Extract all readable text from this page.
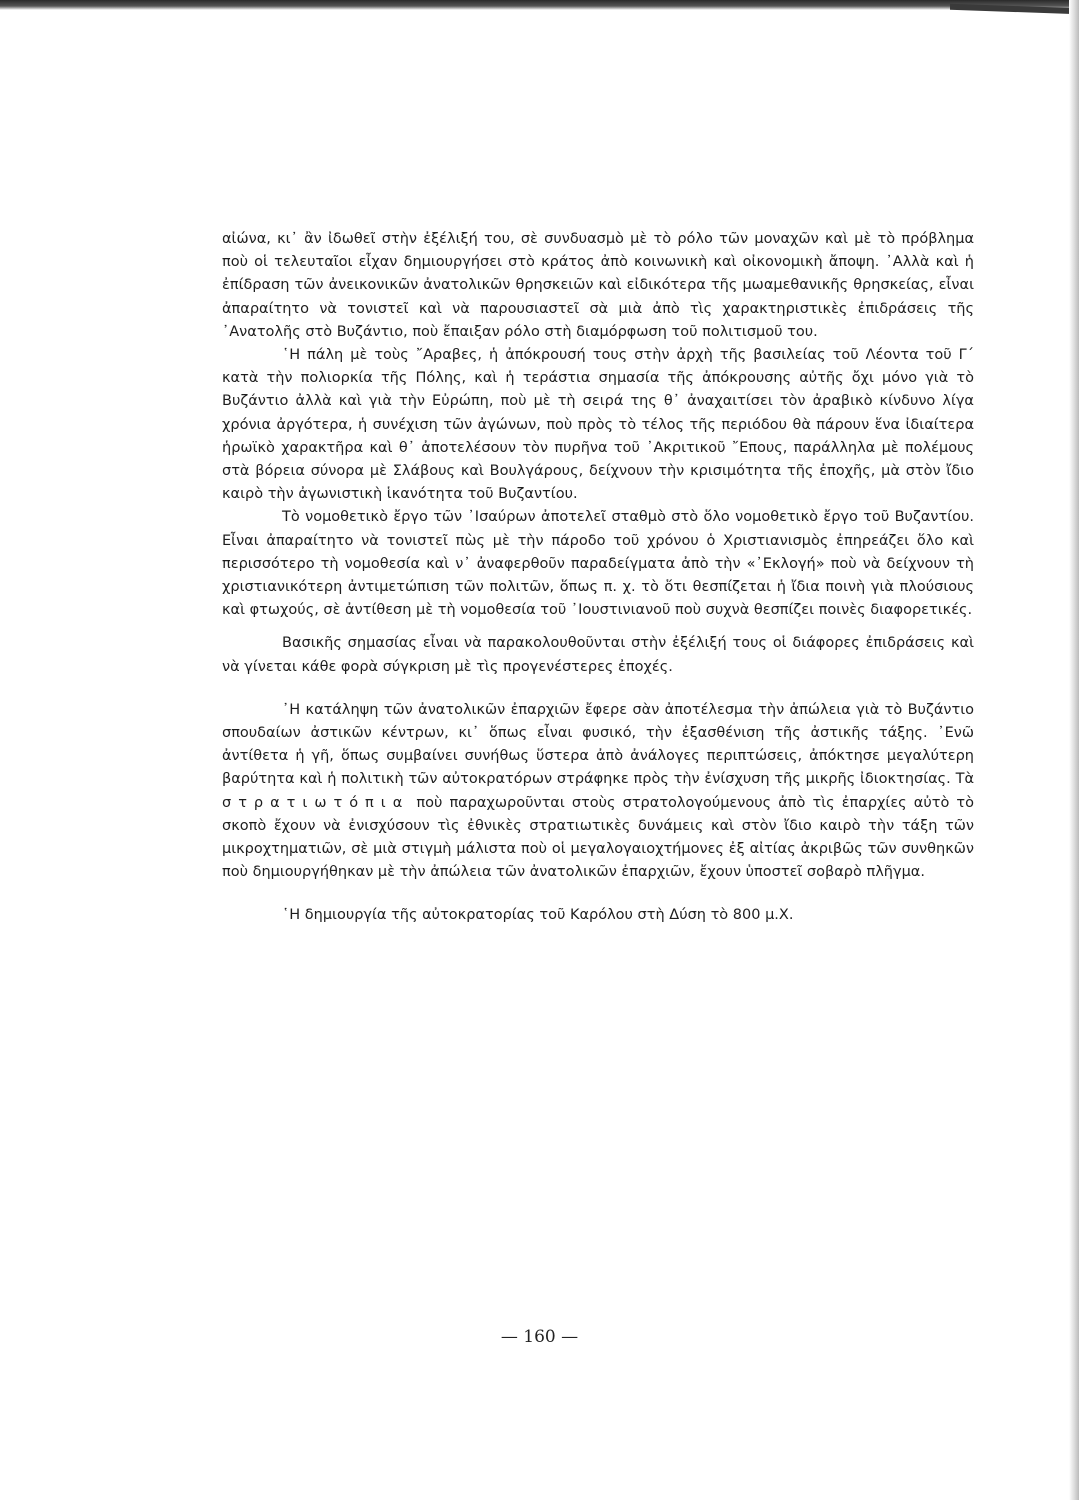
αἰώνα, κι᾿ ἂν ἰδωθεῖ στὴν ἐξέλιξή του, σὲ συνδυασμὸ μὲ τὸ ρόλο τῶν μοναχῶν καὶ μὲ τὸ πρόβλημα ποὺ οἱ τελευταῖοι εἶχαν δημιουργήσει στὸ κράτος ἀπὸ κοινωνικὴ καὶ οἰκονομικὴ ἄποψη. ᾿Αλλὰ καὶ ἡ ἐπίδραση τῶν ἀνεικονικῶν ἀνατολικῶν θρησκειῶν καὶ εἰδικότερα τῆς μωαμεθανικῆς θρησκείας, εἶναι ἀπαραίτητο νὰ τονιστεῖ καὶ νὰ παρουσιαστεῖ σὰ μιὰ ἀπὸ τὶς χαρακτηριστικὲς ἐπιδράσεις τῆς ᾿Ανατολῆς στὸ Βυζάντιο, ποὺ ἔπαιξαν ρόλο στὴ διαμόρφωση τοῦ πολιτισμοῦ του.

῾Η πάλη μὲ τοὺς ῎Αραβες, ἡ ἀπόκρουσή τους στὴν ἀρχὴ τῆς βασιλείας τοῦ Λέοντα τοῦ Γ΄ κατὰ τὴν πολιορκία τῆς Πόλης, καὶ ἡ τεράστια σημασία τῆς ἀπόκρουσης αὐτῆς ὄχι μόνο γιὰ τὸ Βυζάντιο ἀλλὰ καὶ γιὰ τὴν Εὐρώπη, ποὺ μὲ τὴ σειρά της θ᾿ ἀναχαιτίσει τὸν ἀραβικὸ κίνδυνο λίγα χρόνια ἀργότερα, ἡ συνέχιση τῶν ἀγώνων, ποὺ πρὸς τὸ τέλος τῆς περιόδου θὰ πάρουν ἕνα ἰδιαίτερα ἡρωϊκὸ χαρακτῆρα καὶ θ᾿ ἀποτελέσουν τὸν πυρῆνα τοῦ ᾿Ακριτικοῦ ῎Επους, παράλληλα μὲ πολέμους στὰ βόρεια σύνορα μὲ Σλάβους καὶ Βουλγάρους, δείχνουν τὴν κρισιμότητα τῆς ἐποχῆς, μὰ στὸν ἴδιο καιρὸ τὴν ἀγωνιστικὴ ἱκανότητα τοῦ Βυζαντίου.

Τὸ νομοθετικὸ ἔργο τῶν ᾿Ισαύρων ἀποτελεῖ σταθμὸ στὸ ὅλο νομοθετικὸ ἔργο τοῦ Βυζαντίου. Εἶναι ἀπαραίτητο νὰ τονιστεῖ πὼς μὲ τὴν πάροδο τοῦ χρόνου ὁ Χριστιανισμὸς ἐπηρεάζει ὅλο καὶ περισσότερο τὴ νομοθεσία καὶ ν᾿ ἀναφερθοῦν παραδείγματα ἀπὸ τὴν «᾿Εκλογή» ποὺ νὰ δείχνουν τὴ χριστιανικότερη ἀντιμετώπιση τῶν πολιτῶν, ὅπως π. χ. τὸ ὅτι θεσπίζεται ἡ ἴδια ποινὴ γιὰ πλούσιους καὶ φτωχούς, σὲ ἀντίθεση μὲ τὴ νομοθεσία τοῦ ᾿Ιουστινιανοῦ ποὺ συχνὰ θεσπίζει ποινὲς διαφορετικές.

Βασικῆς σημασίας εἶναι νὰ παρακολουθοῦνται στὴν ἐξέλιξή τους οἱ διάφορες ἐπιδράσεις καὶ νὰ γίνεται κάθε φορὰ σύγκριση μὲ τὶς προγενέστερες ἐποχές.

᾿Η κατάληψη τῶν ἀνατολικῶν ἐπαρχιῶν ἔφερε σὰν ἀποτέλεσμα τὴν ἀπώλεια γιὰ τὸ Βυζάντιο σπουδαίων ἀστικῶν κέντρων, κι᾿ ὅπως εἶναι φυσικό, τὴν ἐξασθένιση τῆς ἀστικῆς τάξης. ᾿Ενῶ ἀντίθετα ἡ γῆ, ὅπως συμβαίνει συνήθως ὕστερα ἀπὸ ἀνάλογες περιπτώσεις, ἀπόκτησε μεγαλύτερη βαρύτητα καὶ ἡ πολιτικὴ τῶν αὐτοκρατόρων στράφηκε πρὸς τὴν ἐνίσχυση τῆς μικρῆς ἰδιοκτησίας. Τὰ στρατιωτόπια ποὺ παραχωροῦνται στοὺς στρατολογούμενους ἀπὸ τὶς ἐπαρχίες αὐτὸ τὸ σκοπὸ ἔχουν νὰ ἐνισχύσουν τὶς ἐθνικὲς στρατιωτικὲς δυνάμεις καὶ στὸν ἴδιο καιρὸ τὴν τάξη τῶν μικροχτηματιῶν, σὲ μιὰ στιγμὴ μάλιστα ποὺ οἱ μεγαλογαιοχτήμονες ἐξ αἰτίας ἀκριβῶς τῶν συνθηκῶν ποὺ δημιουργήθηκαν μὲ τὴν ἀπώλεια τῶν ἀνατολικῶν ἐπαρχιῶν, ἔχουν ὑποστεῖ σοβαρὸ πλῆγμα.

῾Η δημιουργία τῆς αὐτοκρατορίας τοῦ Καρόλου στὴ Δύση τὸ 800 μ.Χ.

— 160 —
